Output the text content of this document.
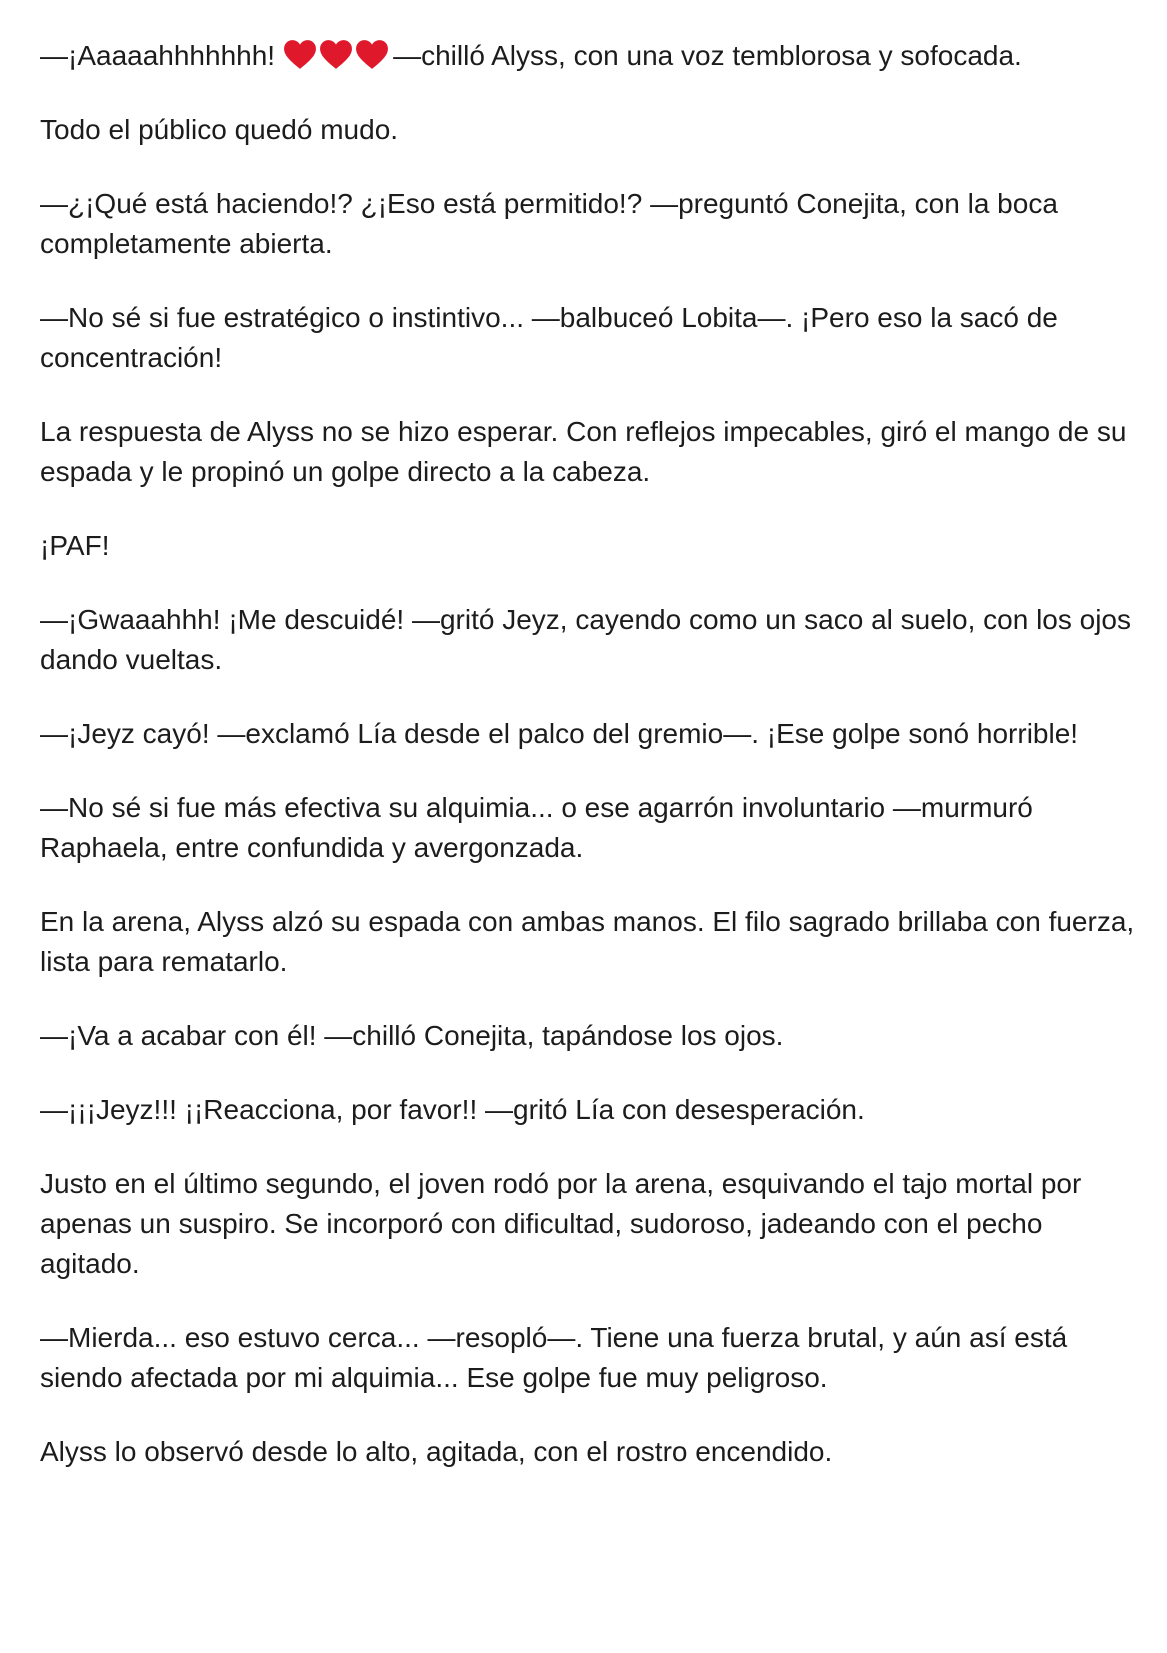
—¡Aaaaahhhhhhh!	—chilló Alyss, con una voz temblorosa y sofocada.

Todo el público quedó mudo.

—¿¡Qué está haciendo!? ¿¡Eso está permitido!? —preguntó Conejita, con la boca completamente abierta.

—No sé si fue estratégico o instintivo... —balbuceó Lobita—. ¡Pero eso la sacó de concentración!

La respuesta de Alyss no se hizo esperar. Con reflejos impecables, giró el mango de su espada y le propinó un golpe directo a la cabeza.

¡PAF!

—¡Gwaaahhh! ¡Me descuidé! —gritó Jeyz, cayendo como un saco al suelo, con los ojos dando vueltas.

—¡Jeyz cayó! —exclamó Lía desde el palco del gremio—. ¡Ese golpe sonó horrible!

—No sé si fue más efectiva su alquimia... o ese agarrón involuntario —murmuró Raphaela, entre confundida y avergonzada.

En la arena, Alyss alzó su espada con ambas manos. El filo sagrado brillaba con fuerza, lista para rematarlo.

—¡Va a acabar con él! —chilló Conejita, tapándose los ojos.

—¡¡¡Jeyz!!! ¡¡Reacciona, por favor!! —gritó Lía con desesperación.

Justo en el último segundo, el joven rodó por la arena, esquivando el tajo mortal por apenas un suspiro. Se incorporó con dificultad, sudoroso, jadeando con el pecho agitado.

—Mierda... eso estuvo cerca... —resopló—. Tiene una fuerza brutal, y aún así está siendo afectada por mi alquimia... Ese golpe fue muy peligroso.

Alyss lo observó desde lo alto, agitada, con el rostro encendido.
